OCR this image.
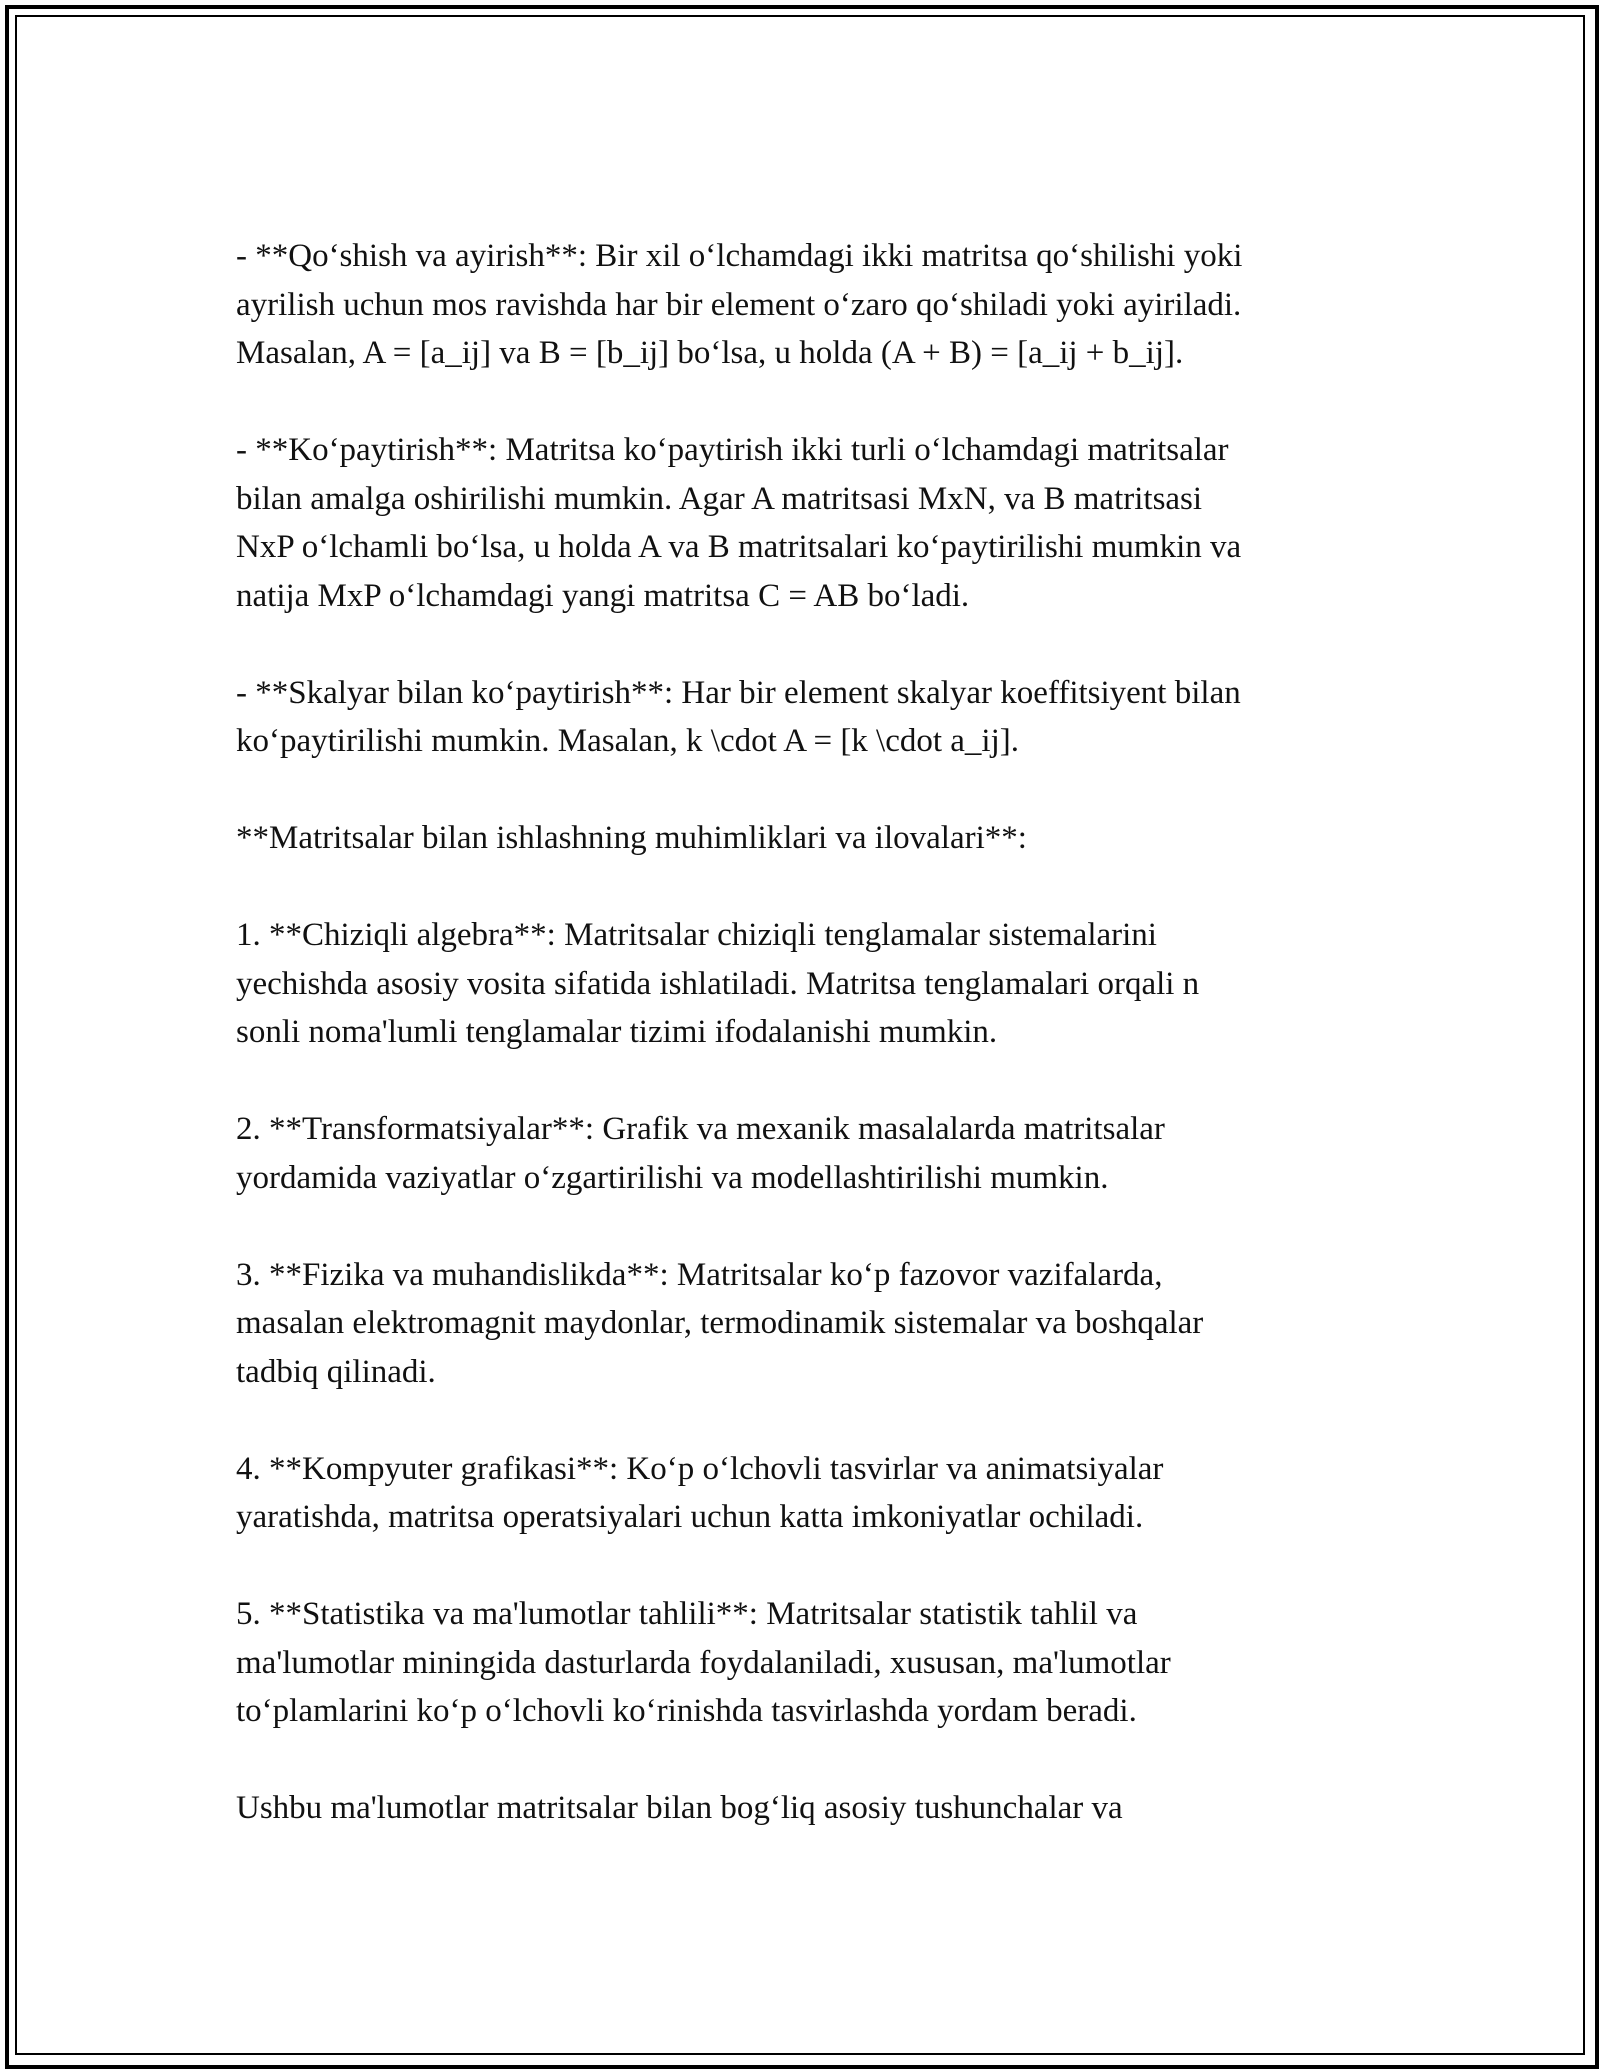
- **Qoʻshish va ayirish**: Bir xil oʻlchamdagi ikki matritsa qoʻshilishi yoki
ayrilish uchun mos ravishda har bir element oʻzaro qoʻshiladi yoki ayiriladi.
Masalan, A = [a_ij] va B = [b_ij] boʻlsa, u holda (A + B) = [a_ij + b_ij].

- **Koʻpaytirish**: Matritsa koʻpaytirish ikki turli oʻlchamdagi matritsalar
bilan amalga oshirilishi mumkin. Agar A matritsasi MxN, va B matritsasi
NxP oʻlchamli boʻlsa, u holda A va B matritsalari koʻpaytirilishi mumkin va
natija MxP oʻlchamdagi yangi matritsa C = AB boʻladi.

- **Skalyar bilan koʻpaytirish**: Har bir element skalyar koeffitsiyent bilan
koʻpaytirilishi mumkin. Masalan, k \cdot A = [k \cdot a_ij].

**Matritsalar bilan ishlashning muhimliklari va ilovalari**:

1. **Chiziqli algebra**: Matritsalar chiziqli tenglamalar sistemalarini
yechishda asosiy vosita sifatida ishlatiladi. Matritsa tenglamalari orqali n
sonli noma'lumli tenglamalar tizimi ifodalanishi mumkin.

2. **Transformatsiyalar**: Grafik va mexanik masalalarda matritsalar
yordamida vaziyatlar oʻzgartirilishi va modellashtirilishi mumkin.

3. **Fizika va muhandislikda**: Matritsalar koʻp fazovor vazifalarda,
masalan elektromagnit maydonlar, termodinamik sistemalar va boshqalar
tadbiq qilinadi.

4. **Kompyuter grafikasi**: Koʻp oʻlchovli tasvirlar va animatsiyalar
yaratishda, matritsa operatsiyalari uchun katta imkoniyatlar ochiladi.

5. **Statistika va ma'lumotlar tahlili**: Matritsalar statistik tahlil va
ma'lumotlar miningida dasturlarda foydalaniladi, xususan, ma'lumotlar
toʻplamlarini koʻp oʻlchovli koʻrinishda tasvirlashda yordam beradi.

Ushbu ma'lumotlar matritsalar bilan bogʻliq asosiy tushunchalar va
